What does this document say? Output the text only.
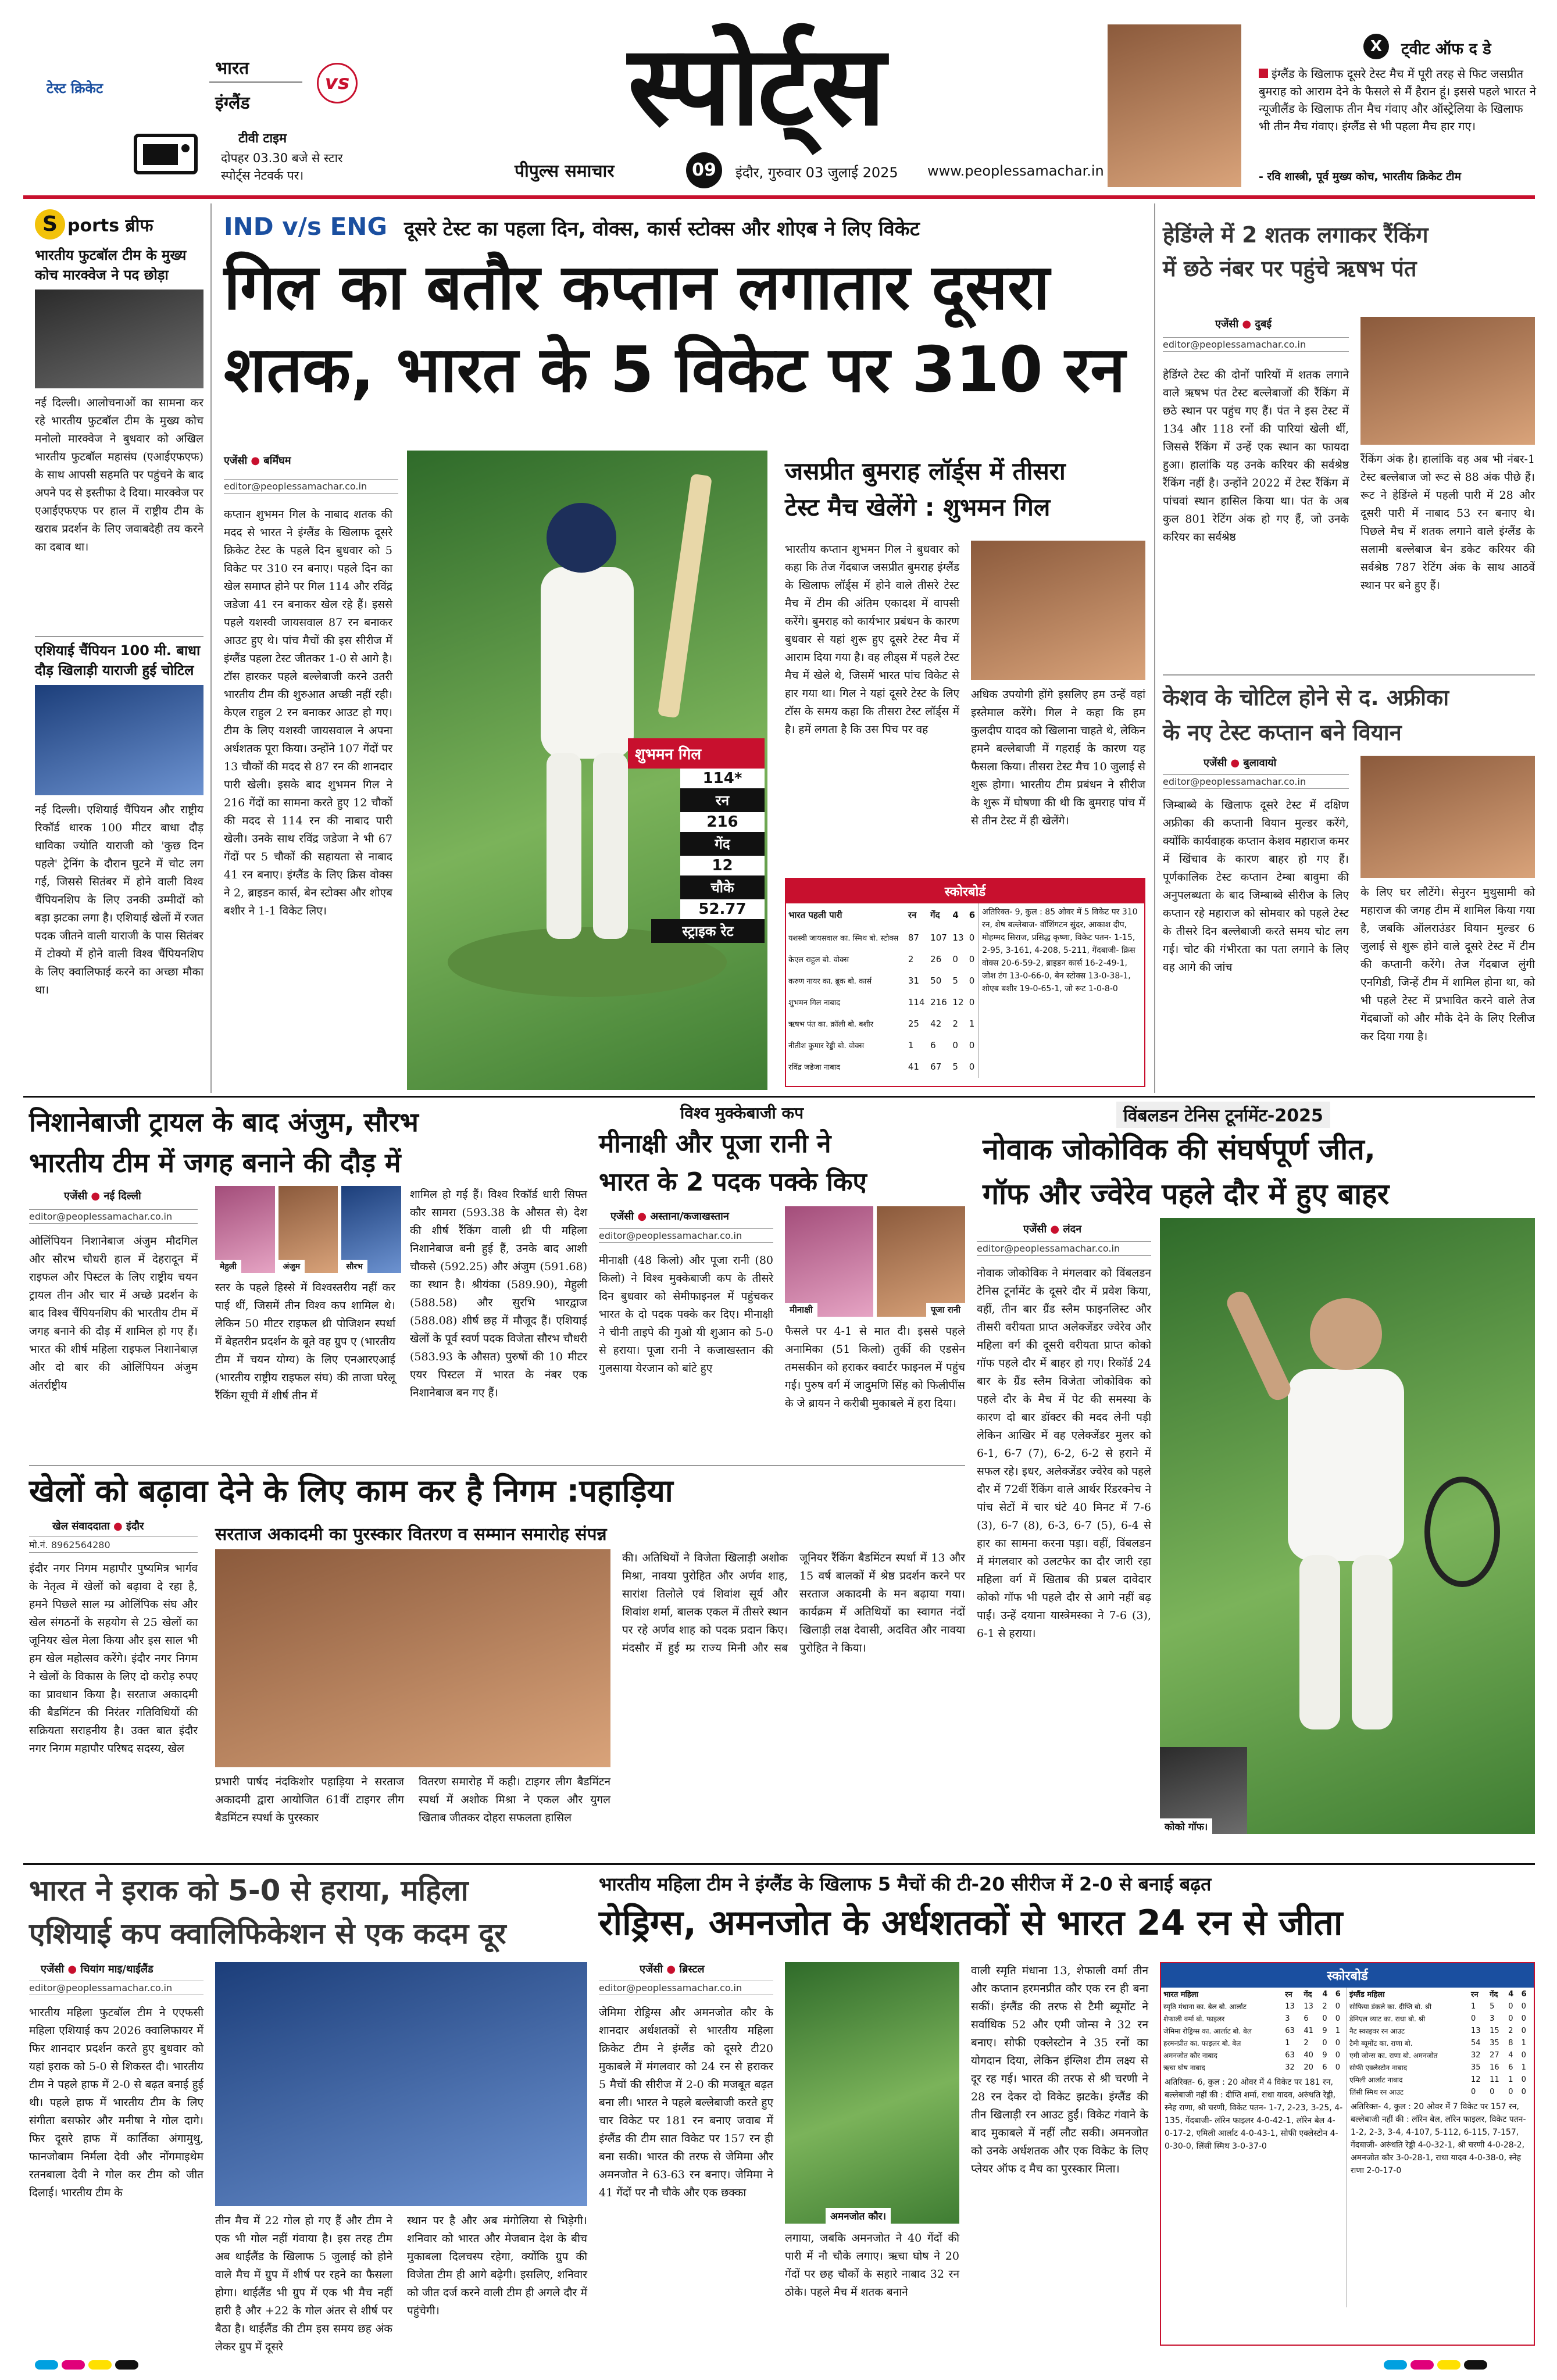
टेस्ट क्रिकेट
भारत
इंग्लैंड
vs
टीवी टाइम
दोपहर 03.30 बजे से स्टार
स्पोर्ट्स नेटवर्क पर।
स्पोर्ट्स
पीपुल्स समाचार	09	इंदौर, गुरुवार 03 जुलाई 2025 www.peoplessamachar.in
X	ट्वीट ऑफ द डे
इंग्लैंड के खिलाफ दूसरे टेस्ट मैच में पूरी तरह से फिट जसप्रीत बुमराह को आराम देने के फैसले से मैं हैरान हूं। इससे पहले भारत ने न्यूजीलैंड के खिलाफ तीन मैच गंवाए और ऑस्ट्रेलिया के खिलाफ भी तीन मैच गंवाए। इंग्लैंड से भी पहला मैच हार गए।
- रवि शास्त्री, पूर्व मुख्य कोच, भारतीय क्रिकेट टीम
S ports ब्रीफ
भारतीय फुटबॉल टीम के मुख्य कोच मारक्वेज ने पद छोड़ा
नई दिल्ली। आलोचनाओं का सामना कर रहे भारतीय फुटबॉल टीम के मुख्य कोच मनोलो मारक्वेज ने बुधवार को अखिल भारतीय फुटबॉल महासंघ (एआईएफएफ) के साथ आपसी सहमति पर पहुंचने के बाद अपने पद से इस्तीफा दे दिया। मारक्वेज पर एआईएफएफ पर हाल में राष्ट्रीय टीम के खराब प्रदर्शन के लिए जवाबदेही तय करने का दबाव था।
एशियाई चैंपियन 100 मी. बाधा दौड़ खिलाड़ी याराजी हुई चोटिल
नई दिल्ली। एशियाई चैंपियन और राष्ट्रीय रिकॉर्ड धारक 100 मीटर बाधा दौड़ धाविका ज्योति याराजी को 'कुछ दिन पहले' ट्रेनिंग के दौरान घुटने में चोट लग गई, जिससे सितंबर में होने वाली विश्व चैंपियनशिप के लिए उनकी उम्मीदों को बड़ा झटका लगा है। एशियाई खेलों में रजत पदक जीतने वाली याराजी के पास सितंबर में टोक्यो में होने वाली विश्व चैंपियनशिप के लिए क्वालिफाई करने का अच्छा मौका था।
IND v/s ENG दूसरे टेस्ट का पहला दिन, वोक्स, कार्स स्टोक्स और शोएब ने लिए विकेट
गिल का बतौर कप्तान लगातार दूसरा
शतक, भारत के 5 विकेट पर 310 रन
एजेंसी ● बर्मिंघम
editor@peoplessamachar.co.in
कप्तान शुभमन गिल के नाबाद शतक की मदद से भारत ने इंग्लैंड के खिलाफ दूसरे क्रिकेट टेस्ट के पहले दिन बुधवार को 5 विकेट पर 310 रन बनाए। पहले दिन का खेल समाप्त होने पर गिल 114 और रविंद्र जडेजा 41 रन बनाकर खेल रहे हैं। इससे पहले यशस्वी जायसवाल 87 रन बनाकर आउट हुए थे। पांच मैचों की इस सीरीज में इंग्लैंड पहला टेस्ट जीतकर 1-0 से आगे है। टॉस हारकर पहले बल्लेबाजी करने उतरी भारतीय टीम की शुरुआत अच्छी नहीं रही। केएल राहुल 2 रन बनाकर आउट हो गए। टीम के लिए यशस्वी जायसवाल ने अपना अर्धशतक पूरा किया। उन्होंने 107 गेंदों पर 13 चौकों की मदद से 87 रन की शानदार पारी खेली। इसके बाद शुभमन गिल ने 216 गेंदों का सामना करते हुए 12 चौकों की मदद से 114 रन की नाबाद पारी खेली। उनके साथ रविंद्र जडेजा ने भी 67 गेंदों पर 5 चौकों की सहायता से नाबाद 41 रन बनाए। इंग्लैंड के लिए क्रिस वोक्स ने 2, ब्राइडन कार्स, बेन स्टोक्स और शोएब बशीर ने 1-1 विकेट लिए।
शुभमन गिल
114*
रन
216
गेंद
12
चौके
52.77
स्ट्राइक रेट
जसप्रीत बुमराह लॉर्ड्स में तीसरा
टेस्ट मैच खेलेंगे : शुभमन गिल
भारतीय कप्तान शुभमन गिल ने बुधवार को कहा कि तेज गेंदबाज जसप्रीत बुमराह इंग्लैंड के खिलाफ लॉर्ड्स में होने वाले तीसरे टेस्ट मैच में टीम की अंतिम एकादश में वापसी करेंगे। बुमराह को कार्यभार प्रबंधन के कारण बुधवार से यहां शुरू हुए दूसरे टेस्ट मैच में आराम दिया गया है। वह लीड्स में पहले टेस्ट मैच में खेले थे, जिसमें भारत पांच विकेट से हार गया था। गिल ने यहां दूसरे टेस्ट के लिए टॉस के समय कहा कि तीसरा टेस्ट लॉर्ड्स में है। हमें लगता है कि उस पिच पर वह
अधिक उपयोगी होंगे इसलिए हम उन्हें वहां इस्तेमाल करेंगे। गिल ने कहा कि हम कुलदीप यादव को खिलाना चाहते थे, लेकिन हमने बल्लेबाजी में गहराई के कारण यह फैसला किया। तीसरा टेस्ट मैच 10 जुलाई से शुरू होगा। भारतीय टीम प्रबंधन ने सीरीज के शुरू में घोषणा की थी कि बुमराह पांच में से तीन टेस्ट में ही खेलेंगे।
स्कोरबोर्ड
भारत पहली पारी	रन	गेंद	4	6
यशस्वी जायसवाल का. स्मिथ बो. स्टोक्स	87	107	13	0
केएल राहुल बो. वोक्स	2	26	0	0
करुण नायर का. ब्रूक बो. कार्स	31	50	5	0
शुभमन गिल नाबाद	114	216	12	0
ऋषभ पंत का. क्रॉली बो. बशीर	25	42	2	1
नीतीश कुमार रेड्डी बो. वोक्स	1	6	0	0
रविंद्र जडेजा नाबाद	41	67	5	0
अतिरिक्त- 9, कुल : 85 ओवर में 5 विकेट पर 310 रन, शेष बल्लेबाज- वॉशिंगटन सुंदर, आकाश दीप, मोहम्मद सिराज, प्रसिद्ध कृष्णा, विकेट पतन- 1-15, 2-95, 3-161, 4-208, 5-211, गेंदबाजी- क्रिस वोक्स 20-6-59-2, ब्राइडन कार्स 16-2-49-1, जोश टंग 13-0-66-0, बेन स्टोक्स 13-0-38-1, शोएब बशीर 19-0-65-1, जो रूट 1-0-8-0
हेडिंग्ले में 2 शतक लगाकर रैंकिंग
में छठे नंबर पर पहुंचे ऋषभ पंत
एजेंसी ● दुबई
editor@peoplessamachar.co.in
हेडिंग्ले टेस्ट की दोनों पारियों में शतक लगाने वाले ऋषभ पंत टेस्ट बल्लेबाजों की रैंकिंग में छठे स्थान पर पहुंच गए हैं। पंत ने इस टेस्ट में 134 और 118 रनों की पारियां खेली थीं, जिससे रैंकिंग में उन्हें एक स्थान का फायदा हुआ। हालांकि यह उनके करियर की सर्वश्रेष्ठ रैंकिंग नहीं है। उन्होंने 2022 में टेस्ट रैंकिंग में पांचवां स्थान हासिल किया था। पंत के अब कुल 801 रेटिंग अंक हो गए हैं, जो उनके करियर का सर्वश्रेष्ठ
रैंकिंग अंक है। हालांकि वह अब भी नंबर-1 टेस्ट बल्लेबाज जो रूट से 88 अंक पीछे हैं। रूट ने हेडिंग्ले में पहली पारी में 28 और दूसरी पारी में नाबाद 53 रन बनाए थे। पिछले मैच में शतक लगाने वाले इंग्लैंड के सलामी बल्लेबाज बेन डकेट करियर की सर्वश्रेष्ठ 787 रेटिंग अंक के साथ आठवें स्थान पर बने हुए हैं।
केशव के चोटिल होने से द. अफ्रीका
के नए टेस्ट कप्तान बने वियान
एजेंसी ● बुलावायो
editor@peoplessamachar.co.in
जिम्बाब्वे के खिलाफ दूसरे टेस्ट में दक्षिण अफ्रीका की कप्तानी वियान मुल्डर करेंगे, क्योंकि कार्यवाहक कप्तान केशव महाराज कमर में खिंचाव के कारण बाहर हो गए हैं। पूर्णकालिक टेस्ट कप्तान टेम्बा बावुमा की अनुपलब्धता के बाद जिम्बाब्वे सीरीज के लिए कप्तान रहे महाराज को सोमवार को पहले टेस्ट के तीसरे दिन बल्लेबाजी करते समय चोट लग गई। चोट की गंभीरता का पता लगाने के लिए वह आगे की जांच
के लिए घर लौटेंगे। सेनुरन मुथुसामी को महाराज की जगह टीम में शामिल किया गया है, जबकि ऑलराउंडर वियान मुल्डर 6 जुलाई से शुरू होने वाले दूसरे टेस्ट में टीम की कप्तानी करेंगे। तेज गेंदबाज लुंगी एनगिडी, जिन्हें टीम में शामिल होना था, को भी पहले टेस्ट में प्रभावित करने वाले तेज गेंदबाजों को और मौके देने के लिए रिलीज कर दिया गया है।
निशानेबाजी ट्रायल के बाद अंजुम, सौरभ
भारतीय टीम में जगह बनाने की दौड़ में
एजेंसी ● नई दिल्ली
editor@peoplessamachar.co.in
ओलिंपियन निशानेबाज अंजुम मौदगिल और सौरभ चौधरी हाल में देहरादून में राइफल और पिस्टल के लिए राष्ट्रीय चयन ट्रायल तीन और चार में अच्छे प्रदर्शन के बाद विश्व चैंपियनशिप की भारतीय टीम में जगह बनाने की दौड़ में शामिल हो गए हैं। भारत की शीर्ष महिला राइफल निशानेबाज़ और दो बार की ओलिंपियन अंजुम अंतर्राष्ट्रीय
मेहुली	अंजुम	सौरभ
स्तर के पहले हिस्से में विश्वस्तरीय नहीं कर पाई थीं, जिसमें तीन विश्व कप शामिल थे। लेकिन 50 मीटर राइफल थ्री पोजिशन स्पर्धा में बेहतरीन प्रदर्शन के बूते वह ग्रुप ए (भारतीय टीम में चयन योग्य) के लिए एनआरएआई (भारतीय राष्ट्रीय राइफल संघ) की ताजा घरेलू रैंकिंग सूची में शीर्ष तीन में
शामिल हो गई हैं। विश्व रिकॉर्ड धारी सिफ्त कौर सामरा (593.38 के औसत से) देश की शीर्ष रैंकिंग वाली थ्री पी महिला निशानेबाज बनी हुई हैं, उनके बाद आशी चौकसे (592.25) और अंजुम (591.68) का स्थान है। श्रीयंका (589.90), मेहुली (588.58) और सुरभि भारद्वाज (588.08) शीर्ष छह में मौजूद हैं। एशियाई खेलों के पूर्व स्वर्ण पदक विजेता सौरभ चौधरी (583.93 के औसत) पुरुषों की 10 मीटर एयर पिस्टल में भारत के नंबर एक निशानेबाज बन गए हैं।
विश्व मुक्केबाजी कप
मीनाक्षी और पूजा रानी ने
भारत के 2 पदक पक्के किए
एजेंसी ● अस्ताना/कजाखस्तान
editor@peoplessamachar.co.in
मीनाक्षी (48 किलो) और पूजा रानी (80 किलो) ने विश्व मुक्केबाजी कप के तीसरे दिन बुधवार को सेमीफाइनल में पहुंचकर भारत के दो पदक पक्के कर दिए। मीनाक्षी ने चीनी ताइपे की गुओ यी शुआन को 5-0 से हराया। पूजा रानी ने कजाखस्तान की गुलसाया येरजान को बांटे हुए
मीनाक्षी	पूजा रानी
फैसले पर 4-1 से मात दी। इससे पहले अनामिका (51 किलो) तुर्की की एडसेन तमसकीन को हराकर क्वार्टर फाइनल में पहुंच गई। पुरुष वर्ग में जादुमणि सिंह को फिलीपींस के जे ब्रायन ने करीबी मुकाबले में हरा दिया।
विंबलडन टेनिस टूर्नामेंट-2025
नोवाक जोकोविक की संघर्षपूर्ण जीत,
गॉफ और ज्वेरेव पहले दौर में हुए बाहर
एजेंसी ● लंदन
editor@peoplessamachar.co.in
नोवाक जोकोविक ने मंगलवार को विंबलडन टेनिस टूर्नामेंट के दूसरे दौर में प्रवेश किया, वहीं, तीन बार ग्रैंड स्लैम फाइनलिस्ट और तीसरी वरीयता प्राप्त अलेक्जेंडर ज्वेरेव और महिला वर्ग की दूसरी वरीयता प्राप्त कोको गॉफ पहले दौर में बाहर हो गए। रिकॉर्ड 24 बार के ग्रैंड स्लैम विजेता जोकोविक को पहले दौर के मैच में पेट की समस्या के कारण दो बार डॉक्टर की मदद लेनी पड़ी लेकिन आखिर में वह एलेक्जेंडर मुलर को 6-1, 6-7 (7), 6-2, 6-2 से हराने में सफल रहे। इधर, अलेक्जेंडर ज्वेरेव को पहले दौर में 72वीं रैंकिंग वाले आर्थर रिंडरक्नेच ने पांच सेटों में चार घंटे 40 मिनट में 7-6 (3), 6-7 (8), 6-3, 6-7 (5), 6-4 से हार का सामना करना पड़ा। वहीं, विंबलडन में मंगलवार को उलटफेर का दौर जारी रहा महिला वर्ग में खिताब की प्रबल दावेदार कोको गॉफ भी पहले दौर से आगे नहीं बढ़ पाईं। उन्हें दयाना यास्त्रेमस्का ने 7-6 (3), 6-1 से हराया।
कोको गॉफ।
खेलों को बढ़ावा देने के लिए काम कर है निगम :पहाड़िया
खेल संवाददाता ● इंदौर
मो.नं. 8962564280
इंदौर नगर निगम महापौर पुष्यमित्र भार्गव के नेतृत्व में खेलों को बढ़ावा दे रहा है, हमने पिछले साल म्प्र ओलिंपिक संघ और खेल संगठनों के सहयोग से 25 खेलों का जूनियर खेल मेला किया और इस साल भी हम खेल महोत्सव करेंगे। इंदौर नगर निगम ने खेलों के विकास के लिए दो करोड़ रुपए का प्रावधान किया है। सरताज अकादमी की बैडमिंटन की निरंतर गतिविधियों की सक्रियता सराहनीय है। उक्त बात इंदौर नगर निगम महापौर परिषद सदस्य, खेल
सरताज अकादमी का पुरस्कार वितरण व सम्मान समारोह संपन्न
प्रभारी पार्षद नंदकिशोर पहाड़िया ने सरताज अकादमी द्वारा आयोजित 61वीं टाइगर लीग बैडमिंटन स्पर्धा के पुरस्कार
वितरण समारोह में कही। टाइगर लीग बैडमिंटन स्पर्धा में अशोक मिश्रा ने एकल और युगल खिताब जीतकर दोहरा सफलता हासिल
की। अतिथियों ने विजेता खिलाड़ी अशोक मिश्रा, नावया पुरोहित और अर्णव शाह, सारांश तिलोले एवं शिवांश सूर्य और शिवांश शर्मा, बालक एकल में तीसरे स्थान पर रहे अर्णव शाह को पदक प्रदान किए। मंदसौर में हुई म्प्र राज्य मिनी और सब जूनियर रैंकिंग बैडमिंटन स्पर्धा में 13 और 15 वर्ष बालकों में श्रेष्ठ प्रदर्शन करने पर सरताज अकादमी के मन बढ़ाया गया। कार्यक्रम में अतिथियों का स्वागत नंदों खिलाड़ी लक्ष देवासी, अदवित और नावया पुरोहित ने किया।
भारत ने इराक को 5-0 से हराया, महिला
एशियाई कप क्वालिफिकेशन से एक कदम दूर
एजेंसी ● चियांग माइ/थाईलैंड
editor@peoplessamachar.co.in
भारतीय महिला फुटबॉल टीम ने एएफसी महिला एशियाई कप 2026 क्वालिफायर में फिर शानदार प्रदर्शन करते हुए बुधवार को यहां इराक को 5-0 से शिकस्त दी। भारतीय टीम ने पहले हाफ में 2-0 से बढ़त बनाई हुई थी। पहले हाफ में भारतीय टीम के लिए संगीता बसफोर और मनीषा ने गोल दागे। फिर दूसरे हाफ में कार्तिका अंगामुथु, फानजोबाम निर्मला देवी और नोंगमाइथेम रतनबाला देवी ने गोल कर टीम को जीत दिलाई। भारतीय टीम के
तीन मैच में 22 गोल हो गए हैं और टीम ने एक भी गोल नहीं गंवाया है। इस तरह टीम अब थाईलैंड के खिलाफ 5 जुलाई को होने वाले मैच में ग्रुप में शीर्ष पर रहने का फैसला होगा। थाईलैंड भी ग्रुप में एक भी मैच नहीं हारी है और +22 के गोल अंतर से शीर्ष पर बैठा है। थाईलैंड की टीम इस समय छह अंक लेकर ग्रुप में दूसरे
स्थान पर है और अब मंगोलिया से भिड़ेगी। शनिवार को भारत और मेजबान देश के बीच मुकाबला दिलचस्प रहेगा, क्योंकि ग्रुप की विजेता टीम ही आगे बढ़ेगी। इसलिए, शनिवार को जीत दर्ज करने वाली टीम ही अगले दौर में पहुंचेगी।
भारतीय महिला टीम ने इंग्लैंड के खिलाफ 5 मैचों की टी-20 सीरीज में 2-0 से बनाई बढ़त
रोड्रिग्स, अमनजोत के अर्धशतकों से भारत 24 रन से जीता
एजेंसी ● ब्रिस्टल
editor@peoplessamachar.co.in
जेमिमा रोड्रिग्स और अमनजोत कौर के शानदार अर्धशतकों से भारतीय महिला क्रिकेट टीम ने इंग्लैंड को दूसरे टी20 मुकाबले में मंगलवार को 24 रन से हराकर 5 मैचों की सीरीज में 2-0 की मजबूत बढ़त बना ली। भारत ने पहले बल्लेबाजी करते हुए चार विकेट पर 181 रन बनाए जवाब में इंग्लैंड की टीम सात विकेट पर 157 रन ही बना सकी। भारत की तरफ से जेमिमा और अमनजोत ने 63-63 रन बनाए। जेमिमा ने 41 गेंदों पर नौ चौके और एक छक्का
अमनजोत कौर।
लगाया, जबकि अमनजोत ने 40 गेंदों की पारी में नौ चौके लगाए। ऋचा घोष ने 20 गेंदों पर छह चौकों के सहारे नाबाद 32 रन ठोके। पहले मैच में शतक बनाने
वाली स्मृति मंधाना 13, शेफाली वर्मा तीन और कप्तान हरमनप्रीत कौर एक रन ही बना सकीं। इंग्लैंड की तरफ से टैमी ब्यूमोंट ने सर्वाधिक 52 और एमी जोन्स ने 32 रन बनाए। सोफी एक्लेस्टोन ने 35 रनों का योगदान दिया, लेकिन इंग्लिश टीम लक्ष्य से दूर रह गई। भारत की तरफ से श्री चरणी ने 28 रन देकर दो विकेट झटके। इंग्लैंड की तीन खिलाड़ी रन आउट हुईं। विकेट गंवाने के बाद मुकाबले में नहीं लौट सकी। अमनजोत को उनके अर्धशतक और एक विकेट के लिए प्लेयर ऑफ द मैच का पुरस्कार मिला।
स्कोरबोर्ड
भारत महिला	रन	गेंद	4	6
स्मृति मंधाना का. बेल बो. आर्लाट	13	13	2	0
शेफाली वर्मा बो. फाइलर	3	6	0	0
जेमिमा रोड्रिग्स का. आर्लाट बो. बेल	63	41	9	1
हरमनप्रीत का. फाइलर बो. बेल	1	2	0	0
अमनजोत कौर नाबाद	63	40	9	0
ऋचा घोष नाबाद	32	20	6	0
अतिरिक्त- 6, कुल : 20 ओवर में 4 विकेट पर 181 रन, बल्लेबाजी नहीं की : दीप्ति शर्मा, राधा यादव, अरुंधति रेड्डी, स्नेह राणा, श्री चरणी, विकेट पतन- 1-7, 2-23, 3-25, 4-135, गेंदबाजी- लॉरेन फाइलर 4-0-42-1, लॉरेन बेल 4-0-17-2, एमिली आर्लाट 4-0-43-1, सोफी एक्लेस्टोन 4-0-30-0, लिंसी स्मिथ 3-0-37-0
इंग्लैंड महिला	रन	गेंद	4	6
सोफिया डंकले का. दीप्ति बो. श्री	1	5	0	0
डेनिएल व्याट का. राधा बो. श्री	0	3	0	0
नैट स्काइवर रन आउट	13	15	2	0
टैमी ब्यूमोंट का. राणा बो.	54	35	8	1
एमी जोन्स का. राणा बो. अमनजोत	32	27	4	0
सोफी एक्लेस्टोन नाबाद	35	16	6	1
एमिली आर्लाट नाबाद	12	11	1	0
लिंसी स्मिथ रन आउट	0	0	0	0
अतिरिक्त- 4, कुल : 20 ओवर में 7 विकेट पर 157 रन, बल्लेबाजी नहीं की : लॉरेन बेल, लॉरेन फाइलर, विकेट पतन- 1-2, 2-3, 3-4, 4-107, 5-112, 6-115, 7-157, गेंदबाजी- अरुंधति रेड्डी 4-0-32-1, श्री चरणी 4-0-28-2, अमनजोत कौर 3-0-28-1, राधा यादव 4-0-38-0, स्नेह राणा 2-0-17-0
